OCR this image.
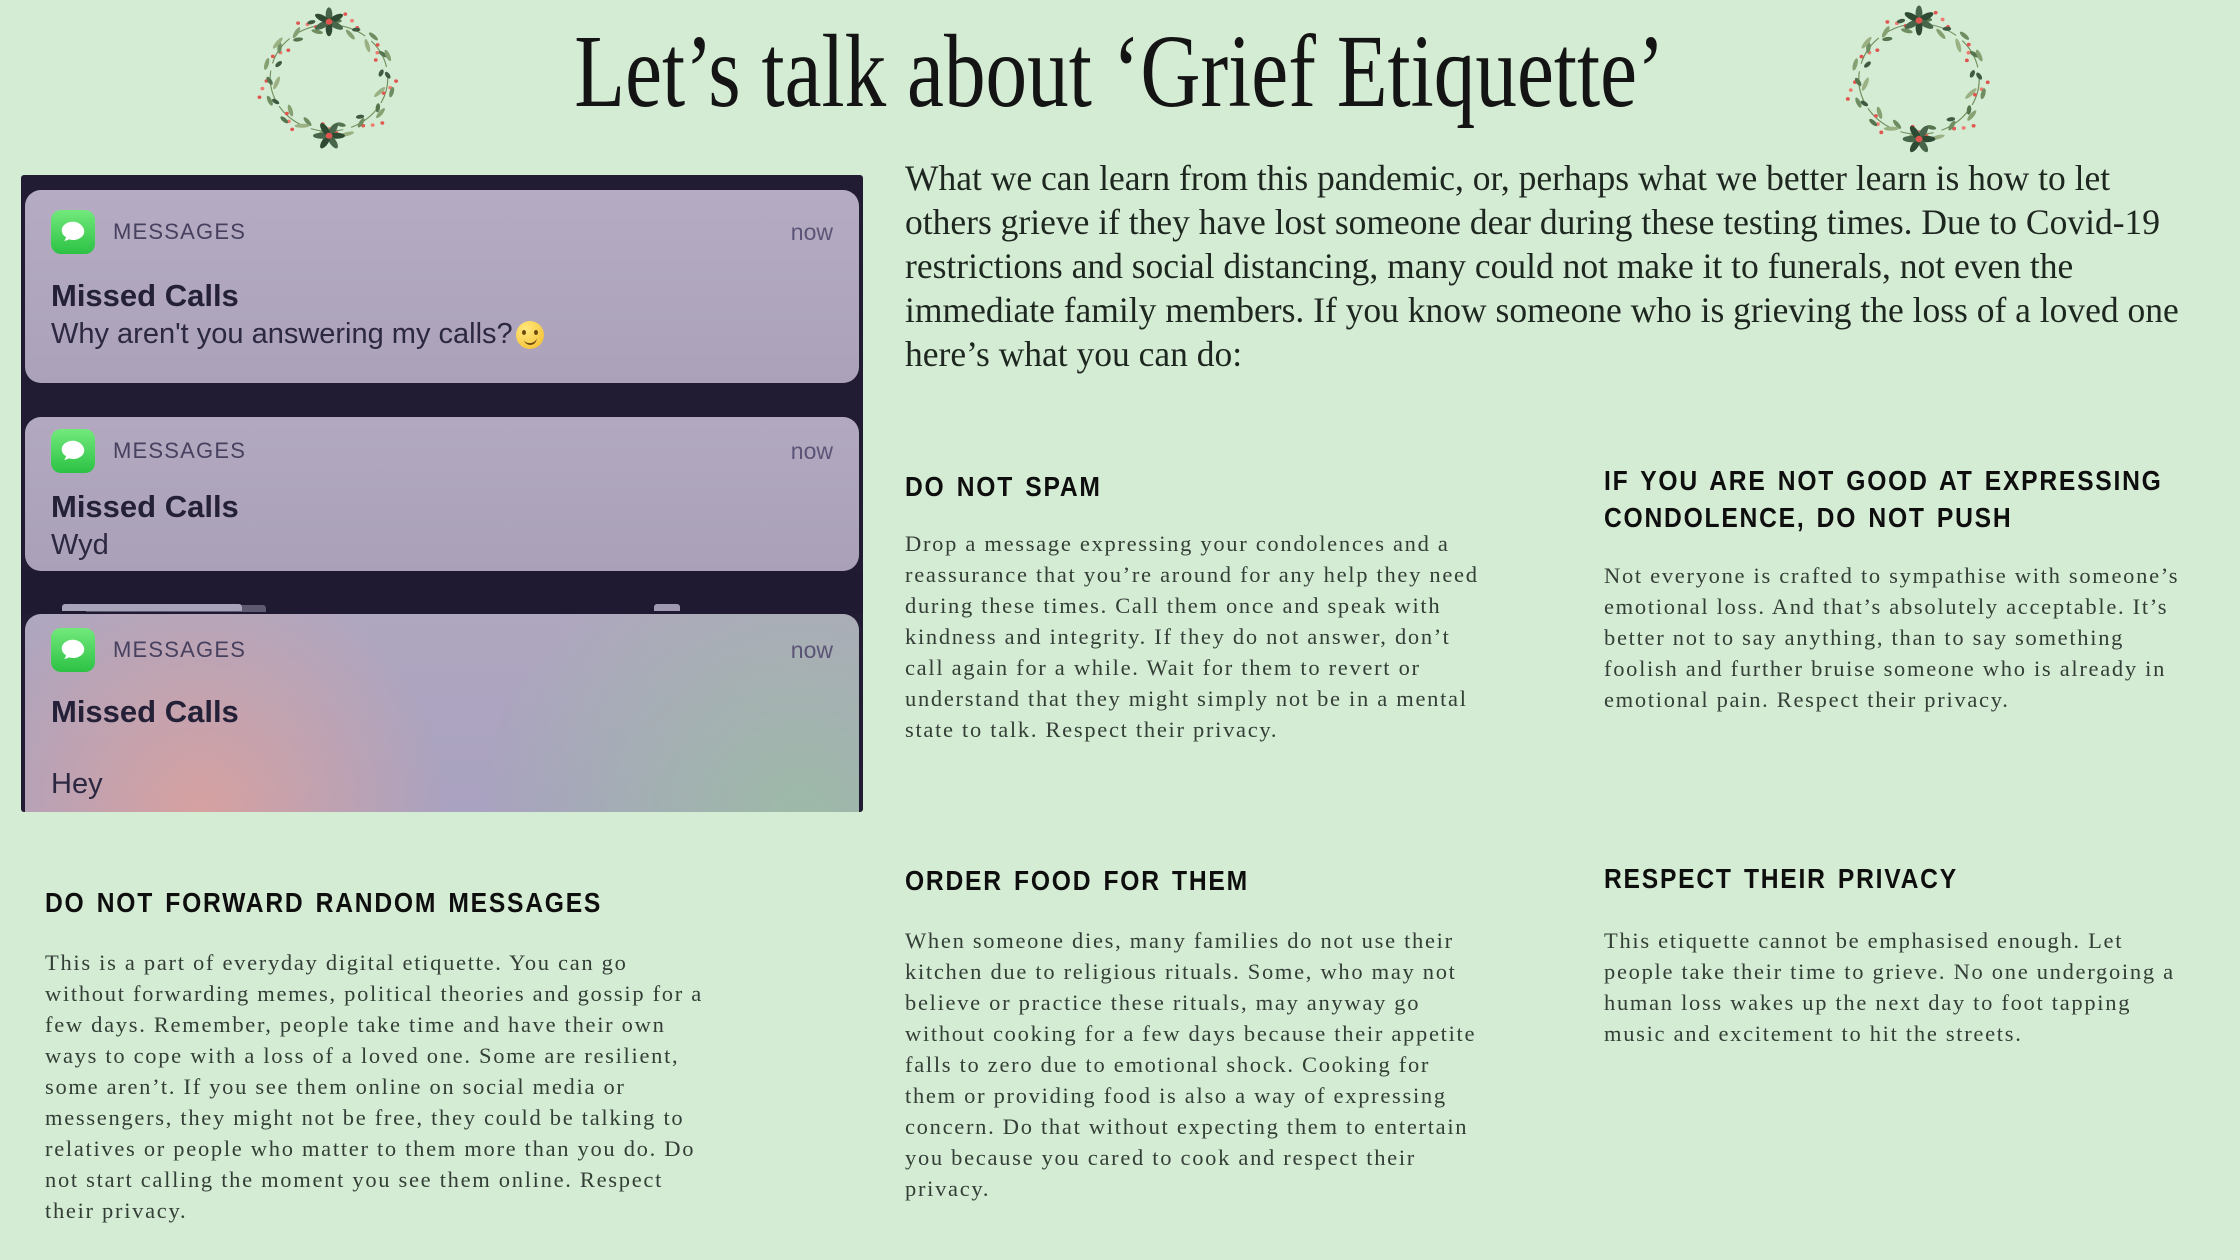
Let’s talk about ‘Grief Etiquette’
MESSAGES	now
Missed Calls
Why aren't you answering my calls?
MESSAGES	now
Missed Calls
Wyd
MESSAGES	now
Missed Calls
Hey

What we can learn from this pandemic, or, perhaps what we better learn is how to let others grieve if they have lost someone dear during these testing times. Due to Covid-19 restrictions and social distancing, many could not make it to funerals, not even the immediate family members. If you know someone who is grieving the loss of a loved one here’s what you can do:

DO NOT SPAM

Drop a message expressing your condolences and a reassurance that you’re around for any help they need during these times. Call them once and speak with kindness and integrity. If they do not answer, don’t call again for a while. Wait for them to revert or understand that they might simply not be in a mental state to talk. Respect their privacy.

IF YOU ARE NOT GOOD AT EXPRESSING CONDOLENCE, DO NOT PUSH

Not everyone is crafted to sympathise with someone’s emotional loss. And that’s absolutely acceptable. It’s better not to say anything, than to say something foolish and further bruise someone who is already in emotional pain. Respect their privacy.

DO NOT FORWARD RANDOM MESSAGES

This is a part of everyday digital etiquette. You can go without forwarding memes, political theories and gossip for a few days. Remember, people take time and have their own ways to cope with a loss of a loved one. Some are resilient, some aren’t. If you see them online on social media or messengers, they might not be free, they could be talking to relatives or people who matter to them more than you do. Do not start calling the moment you see them online. Respect their privacy.

ORDER FOOD FOR THEM

When someone dies, many families do not use their kitchen due to religious rituals. Some, who may not believe or practice these rituals, may anyway go without cooking for a few days because their appetite falls to zero due to emotional shock. Cooking for them or providing food is also a way of expressing concern. Do that without expecting them to entertain you because you cared to cook and respect their privacy.

RESPECT THEIR PRIVACY

This etiquette cannot be emphasised enough. Let people take their time to grieve. No one undergoing a human loss wakes up the next day to foot tapping music and excitement to hit the streets.
